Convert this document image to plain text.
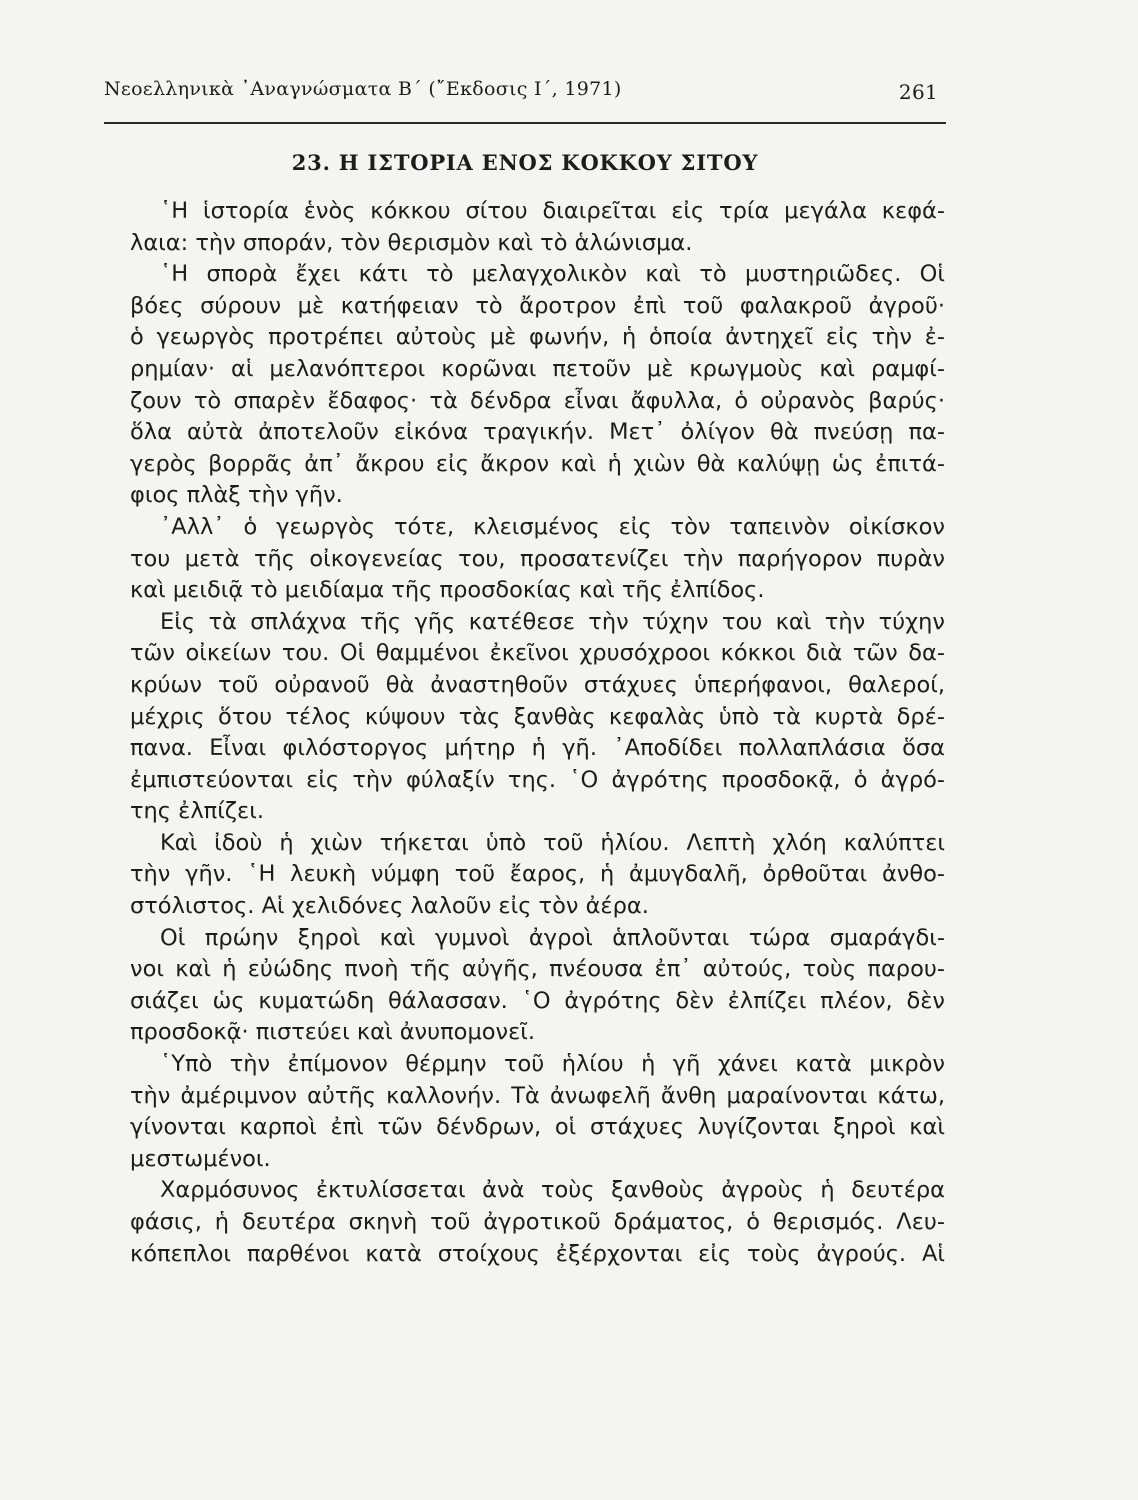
Νεοελληνικὰ ᾿Αναγνώσματα Β΄ (῎Εκδοσις Ι΄, 1971)	261
23. Η ΙΣΤΟΡΙΑ ΕΝΟΣ ΚΟΚΚΟΥ ΣΙΤΟΥ
῾Η ἱστορία ἑνὸς κόκκου σίτου διαιρεῖται εἰς τρία μεγάλα κεφά-
λαια: τὴν σποράν, τὸν θερισμὸν καὶ τὸ ἁλώνισμα.
῾Η σπορὰ ἔχει κάτι τὸ μελαγχολικὸν καὶ τὸ μυστηριῶδες. Οἱ
βόες σύρουν μὲ κατήφειαν τὸ ἄροτρον ἐπὶ τοῦ φαλακροῦ ἀγροῦ·
ὁ γεωργὸς προτρέπει αὐτοὺς μὲ φωνήν, ἡ ὁποία ἀντηχεῖ εἰς τὴν ἐ-
ρημίαν· αἱ μελανόπτεροι κορῶναι πετοῦν μὲ κρωγμοὺς καὶ ραμφί-
ζουν τὸ σπαρὲν ἔδαφος· τὰ δένδρα εἶναι ἄφυλλα, ὁ οὐρανὸς βαρύς·
ὅλα αὐτὰ ἀποτελοῦν εἰκόνα τραγικήν. Μετ᾿ ὀλίγον θὰ πνεύσῃ πα-
γερὸς βορρᾶς ἀπ᾿ ἄκρου εἰς ἄκρον καὶ ἡ χιὼν θὰ καλύψῃ ὡς ἐπιτά-
φιος πλὰξ τὴν γῆν.
᾿Αλλ᾿ ὁ γεωργὸς τότε, κλεισμένος εἰς τὸν ταπεινὸν οἰκίσκον
του μετὰ τῆς οἰκογενείας του, προσατενίζει τὴν παρήγορον πυρὰν
καὶ μειδιᾷ τὸ μειδίαμα τῆς προσδοκίας καὶ τῆς ἐλπίδος.
Εἰς τὰ σπλάχνα τῆς γῆς κατέθεσε τὴν τύχην του καὶ τὴν τύχην
τῶν οἰκείων του. Οἱ θαμμένοι ἐκεῖνοι χρυσόχροοι κόκκοι διὰ τῶν δα-
κρύων τοῦ οὐρανοῦ θὰ ἀναστηθοῦν στάχυες ὑπερήφανοι, θαλεροί,
μέχρις ὅτου τέλος κύψουν τὰς ξανθὰς κεφαλὰς ὑπὸ τὰ κυρτὰ δρέ-
πανα. Εἶναι φιλόστοργος μήτηρ ἡ γῆ. ᾿Αποδίδει πολλαπλάσια ὅσα
ἐμπιστεύονται εἰς τὴν φύλαξίν της. ῾Ο ἀγρότης προσδοκᾷ, ὁ ἀγρό-
της ἐλπίζει.
Καὶ ἰδοὺ ἡ χιὼν τήκεται ὑπὸ τοῦ ἡλίου. Λεπτὴ χλόη καλύπτει
τὴν γῆν. ῾Η λευκὴ νύμφη τοῦ ἔαρος, ἡ ἀμυγδαλῆ, ὀρθοῦται ἀνθο-
στόλιστος. Αἱ χελιδόνες λαλοῦν εἰς τὸν ἀέρα.
Οἱ πρώην ξηροὶ καὶ γυμνοὶ ἀγροὶ ἁπλοῦνται τώρα σμαράγδι-
νοι καὶ ἡ εὐώδης πνοὴ τῆς αὐγῆς, πνέουσα ἐπ᾿ αὐτούς, τοὺς παρου-
σιάζει ὡς κυματώδη θάλασσαν. ῾Ο ἀγρότης δὲν ἐλπίζει πλέον, δὲν
προσδοκᾷ· πιστεύει καὶ ἀνυπομονεῖ.
῾Υπὸ τὴν ἐπίμονον θέρμην τοῦ ἡλίου ἡ γῆ χάνει κατὰ μικρὸν
τὴν ἀμέριμνον αὐτῆς καλλονήν. Τὰ ἀνωφελῆ ἄνθη μαραίνονται κάτω,
γίνονται καρποὶ ἐπὶ τῶν δένδρων, οἱ στάχυες λυγίζονται ξηροὶ καὶ
μεστωμένοι.
Χαρμόσυνος ἐκτυλίσσεται ἀνὰ τοὺς ξανθοὺς ἀγροὺς ἡ δευτέρα
φάσις, ἡ δευτέρα σκηνὴ τοῦ ἀγροτικοῦ δράματος, ὁ θερισμός. Λευ-
κόπεπλοι παρθένοι κατὰ στοίχους ἐξέρχονται εἰς τοὺς ἀγρούς. Αἱ
